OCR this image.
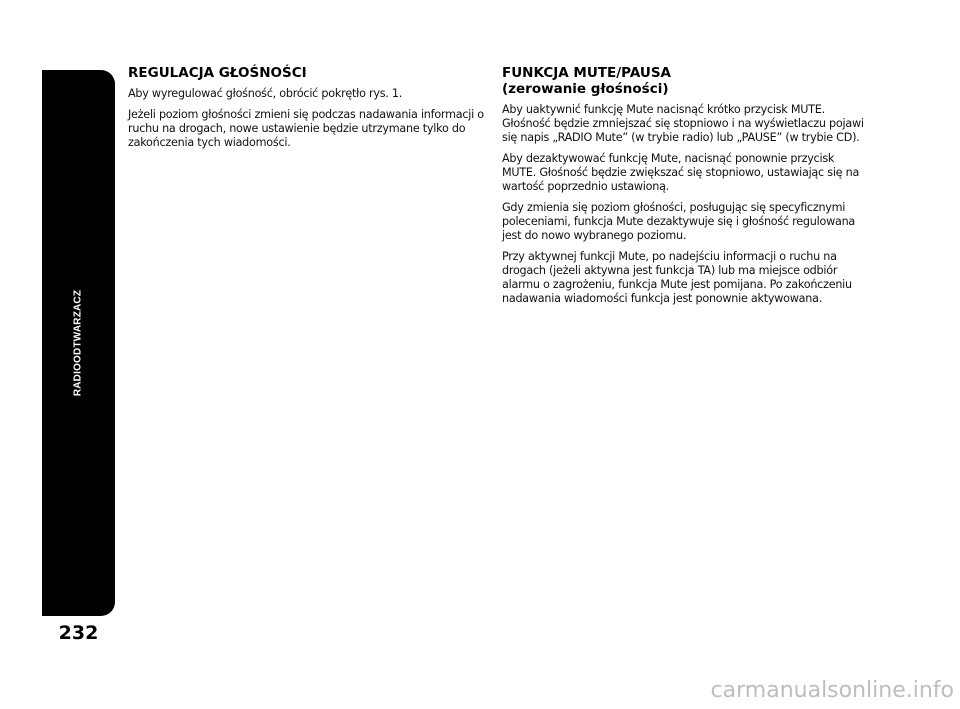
RADIOODTWARZACZ
232
REGULACJA GŁOŚNOŚCI

Aby wyregulować głośność, obrócić pokrętło rys. 1.

Jeżeli poziom głośności zmieni się podczas nadawania informacji o ruchu na drogach, nowe ustawienie będzie utrzymane tylko do zakończenia tych wiadomości.

FUNKCJA MUTE/PAUSA
(zerowanie głośności)

Aby uaktywnić funkcję Mute nacisnąć krótko przycisk MUTE. Głośność będzie zmniejszać się stopniowo i na wyświetlaczu pojawi się napis „RADIO Mute” (w trybie radio) lub „PAUSE” (w trybie CD).

Aby dezaktywować funkcję Mute, nacisnąć ponownie przycisk MUTE. Głośność będzie zwiększać się stopniowo, ustawiając się na wartość poprzednio ustawioną.

Gdy zmienia się poziom głośności, posługując się specyficznymi poleceniami, funkcja Mute dezaktywuje się i głośność regulowana jest do nowo wybranego poziomu.

Przy aktywnej funkcji Mute, po nadejściu informacji o ruchu na drogach (jeżeli aktywna jest funkcja TA) lub ma miejsce odbiór alarmu o zagrożeniu, funkcja Mute jest pomijana. Po zakończeniu nadawania wiadomości funkcja jest ponownie aktywowana.

carmanualsonline.info
